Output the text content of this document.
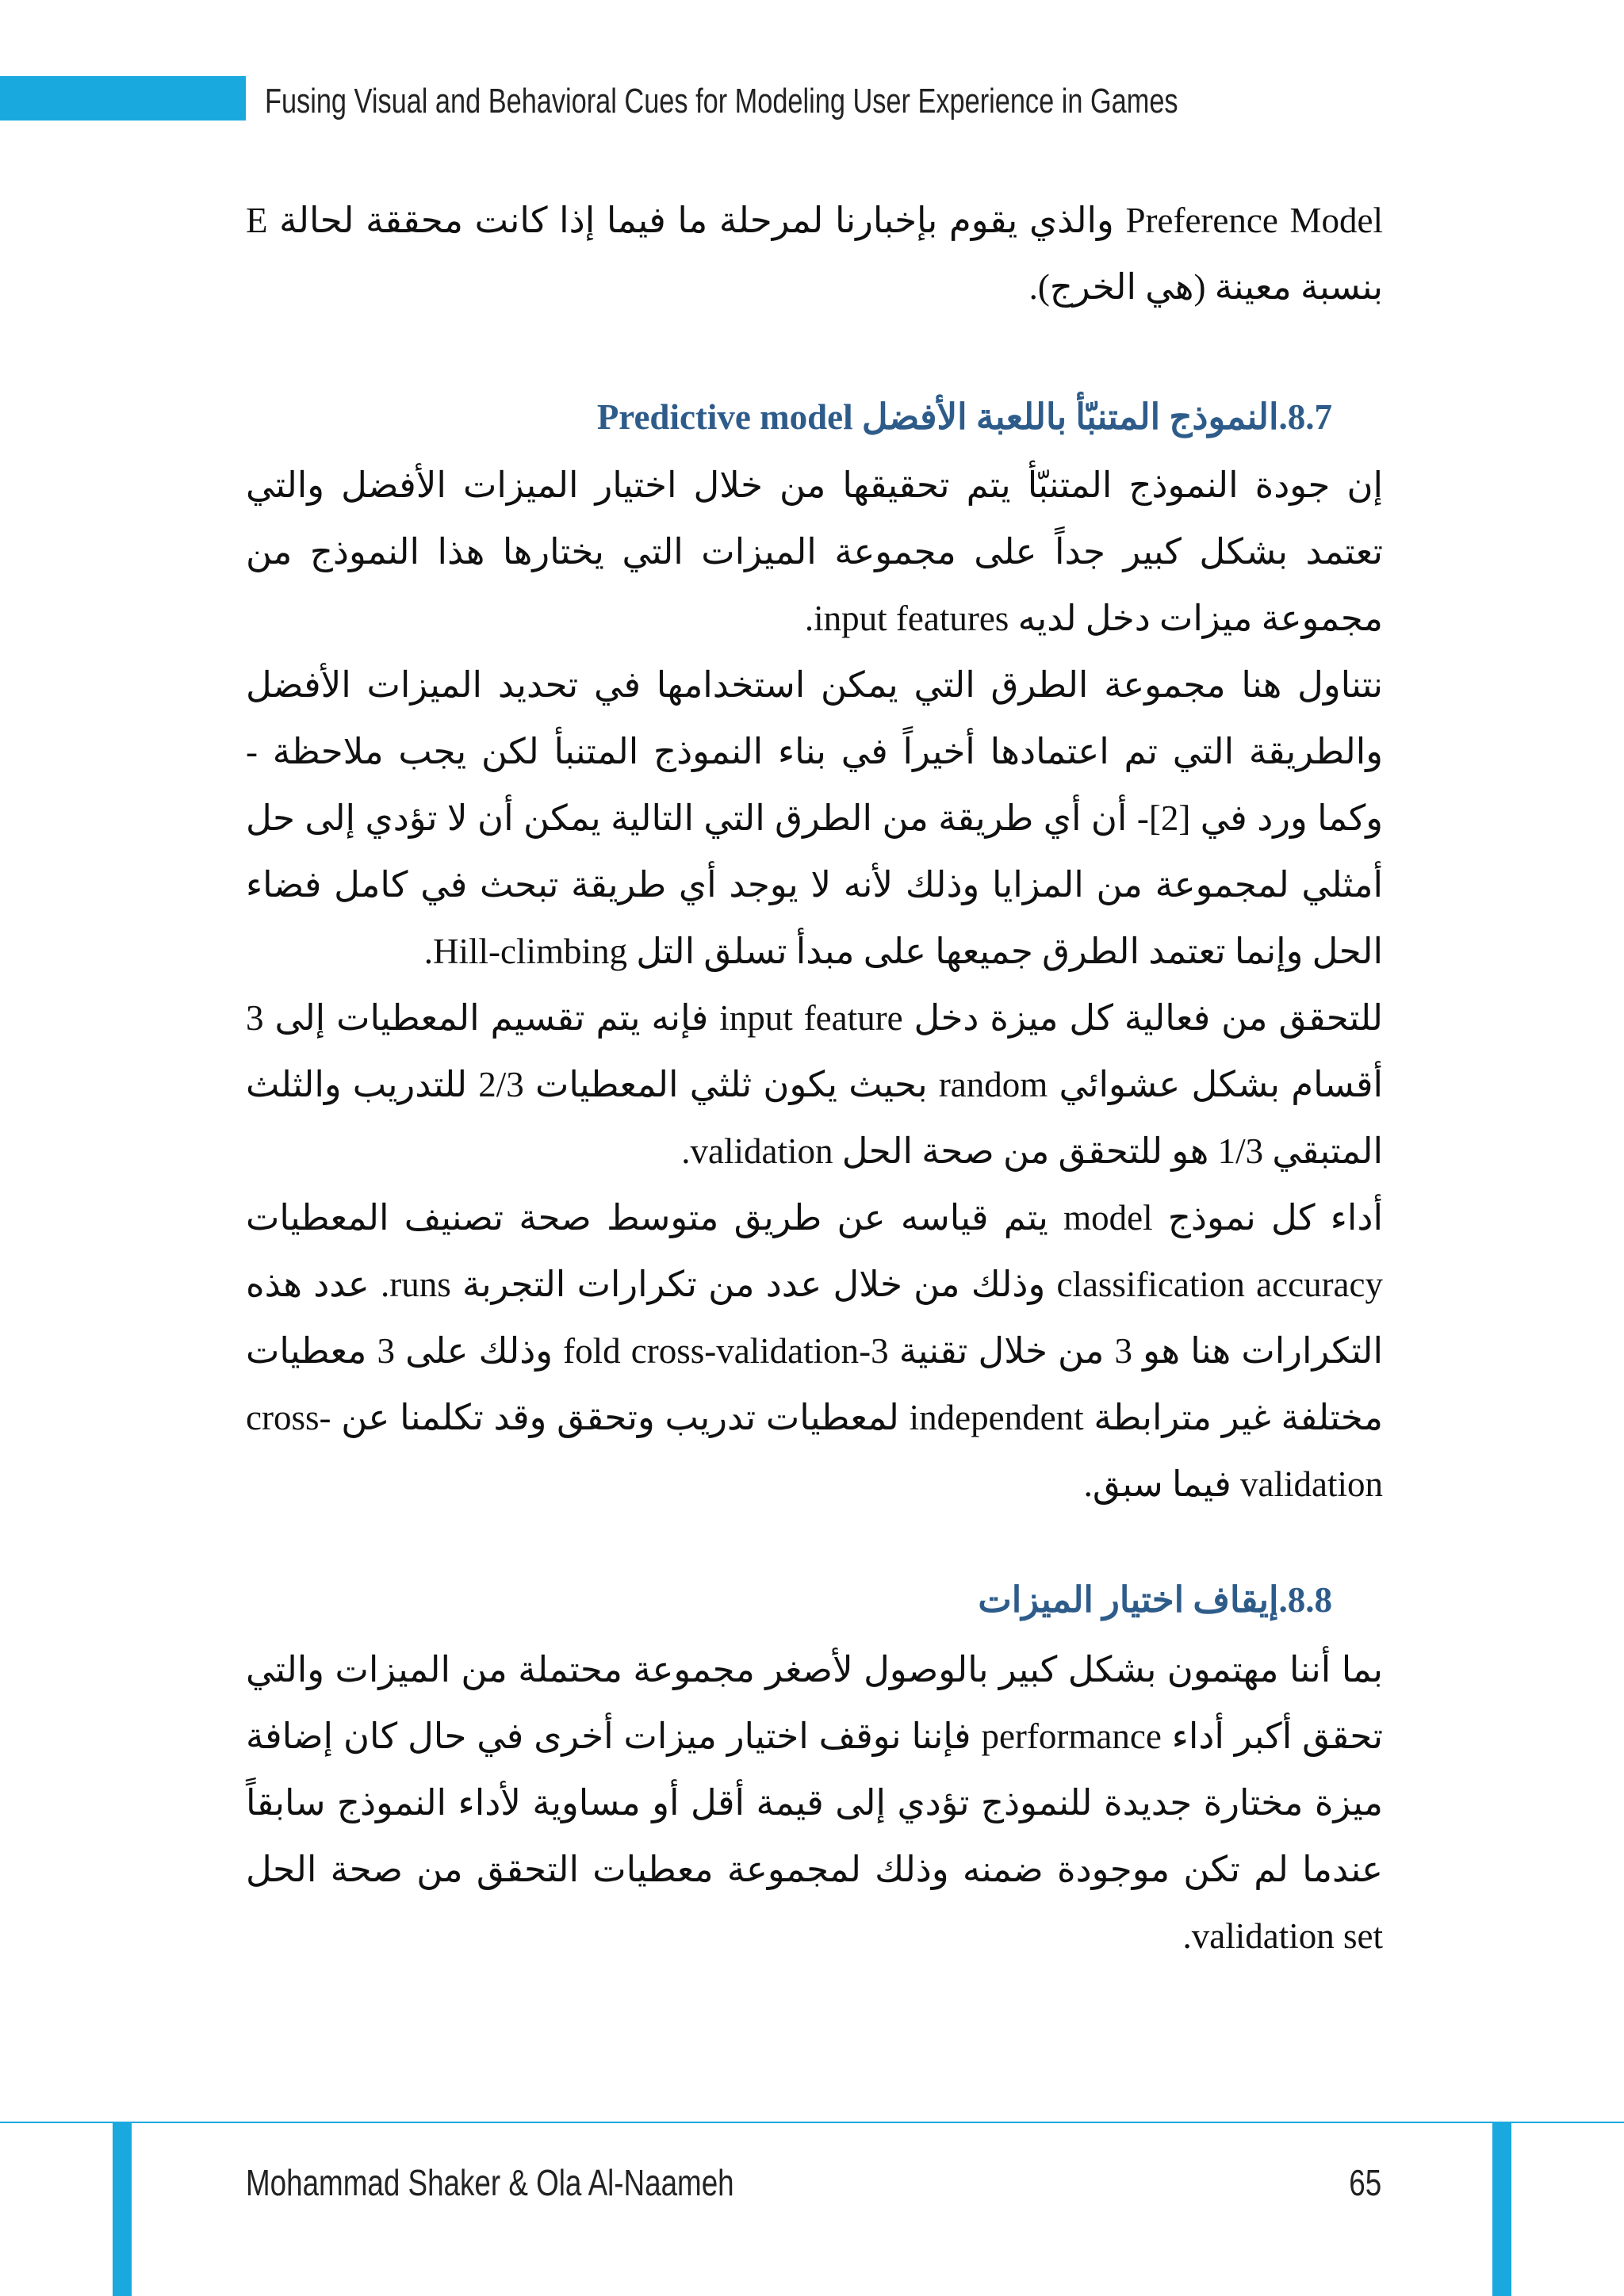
Fusing Visual and Behavioral Cues for Modeling User Experience in Games

Preference Model والذي يقوم بإخبارنا لمرحلة ما فيما إذا كانت محققة لحالة E بنسبة معينة (هي الخرج).

8.7.النموذج المتنبّأ باللعبة الأفضل Predictive model

إن جودة النموذج المتنبّأ يتم تحقيقها من خلال اختيار الميزات الأفضل والتي تعتمد بشكل كبير جداً على مجموعة الميزات التي يختارها هذا النموذج من مجموعة ميزات دخل لديه input features.

نتناول هنا مجموعة الطرق التي يمكن استخدامها في تحديد الميزات الأفضل والطريقة التي تم اعتمادها أخيراً في بناء النموذج المتنبأ لكن يجب ملاحظة - وكما ورد في [2]- أن أي طريقة من الطرق التي التالية يمكن أن لا تؤدي إلى حل أمثلي لمجموعة من المزايا وذلك لأنه لا يوجد أي طريقة تبحث في كامل فضاء الحل وإنما تعتمد الطرق جميعها على مبدأ تسلق التل Hill-climbing.

للتحقق من فعالية كل ميزة دخل input feature فإنه يتم تقسيم المعطيات إلى 3 أقسام بشكل عشوائي random بحيث يكون ثلثي المعطيات 2/3 للتدريب والثلث المتبقي 1/3 هو للتحقق من صحة الحل validation.

أداء كل نموذج model يتم قياسه عن طريق متوسط صحة تصنيف المعطيات classification accuracy وذلك من خلال عدد من تكرارات التجربة runs. عدد هذه التكرارات هنا هو 3 من خلال تقنية 3-fold cross-validation وذلك على 3 معطيات مختلفة غير مترابطة independent لمعطيات تدريب وتحقق وقد تكلمنا عن cross-validation فيما سبق.

8.8.إيقاف اختيار الميزات

بما أننا مهتمون بشكل كبير بالوصول لأصغر مجموعة محتملة من الميزات والتي تحقق أكبر أداء performance فإننا نوقف اختيار ميزات أخرى في حال كان إضافة ميزة مختارة جديدة للنموذج تؤدي إلى قيمة أقل أو مساوية لأداء النموذج سابقاً عندما لم تكن موجودة ضمنه وذلك لمجموعة معطيات التحقق من صحة الحل validation set.

Mohammad Shaker & Ola Al-Naameh	65
